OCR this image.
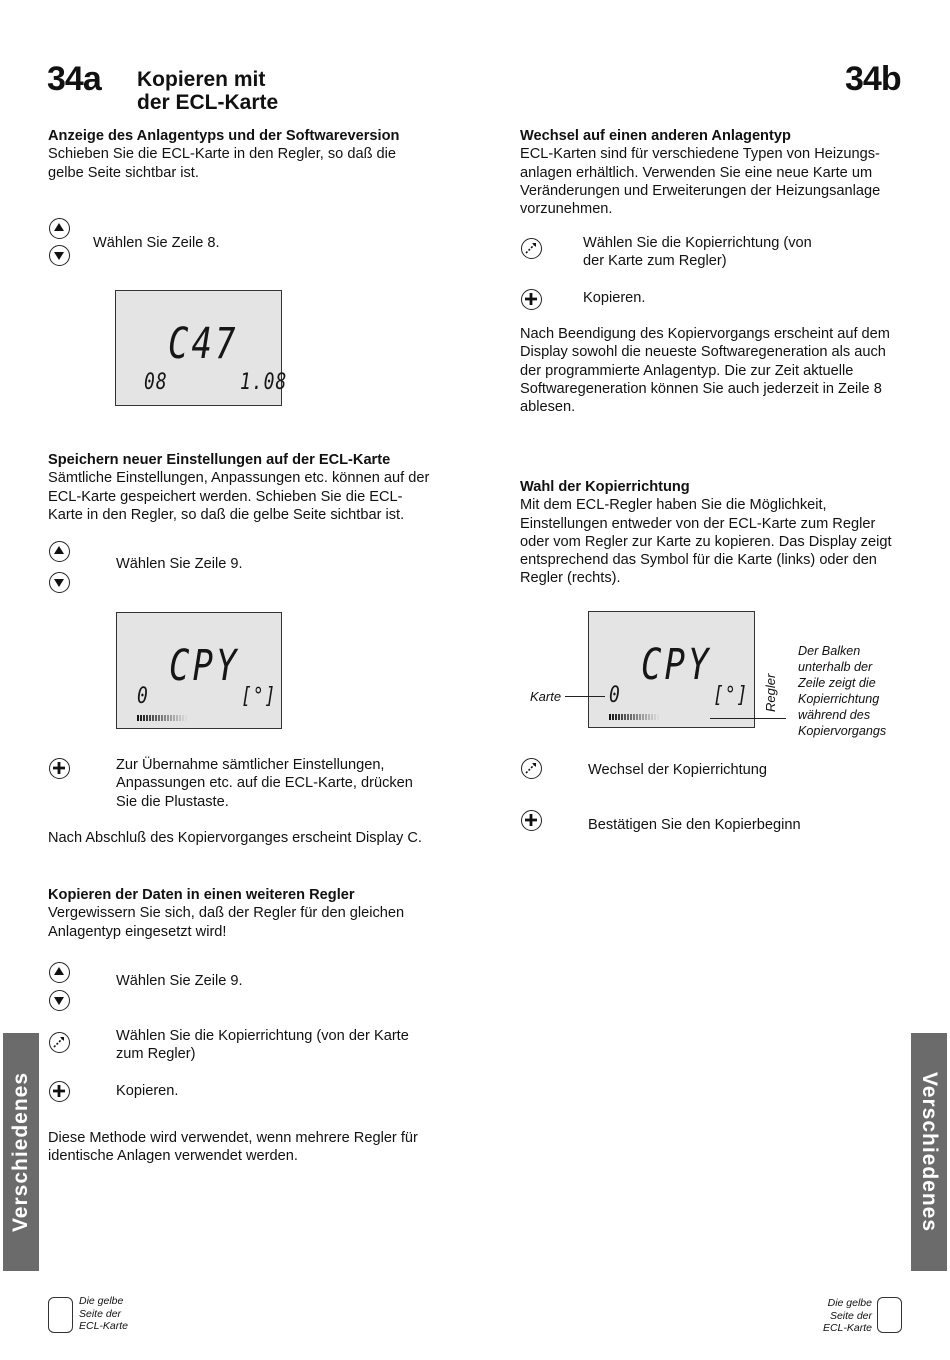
34a Kopieren mit
der ECL-Karte
34b
Anzeige des Anlagentyps und der Softwareversion
Schieben Sie die ECL-Karte in den Regler, so daß die
gelbe Seite sichtbar ist.
Wählen Sie Zeile 8.
C47
08	1.08
Speichern neuer Einstellungen auf der ECL-Karte
Sämtliche Einstellungen, Anpassungen etc. können auf der
ECL-Karte gespeichert werden. Schieben Sie die ECL-
Karte in den Regler, so daß die gelbe Seite sichtbar ist.
Wählen Sie Zeile 9.
CPY
0	[°]
Zur Übernahme sämtlicher Einstellungen,
Anpassungen etc. auf die ECL-Karte, drücken
Sie die Plustaste.
Nach Abschluß des Kopiervorganges erscheint Display C.
Kopieren der Daten in einen weiteren Regler
Vergewissern Sie sich, daß der Regler für den gleichen
Anlagentyp eingesetzt wird!
Wählen Sie Zeile 9.
Wählen Sie die Kopierrichtung (von der Karte
zum Regler)
Kopieren.
Diese Methode wird verwendet, wenn mehrere Regler für
identische Anlagen verwendet werden.
Wechsel auf einen anderen Anlagentyp
ECL-Karten sind für verschiedene Typen von Heizungs-
anlagen erhältlich. Verwenden Sie eine neue Karte um
Veränderungen und Erweiterungen der Heizungsanlage
vorzunehmen.
Wählen Sie die Kopierrichtung (von
der Karte zum Regler)
Kopieren.
Nach Beendigung des Kopiervorgangs erscheint auf dem
Display sowohl die neueste Softwaregeneration als auch
der programmierte Anlagentyp. Die zur Zeit aktuelle
Softwaregeneration können Sie auch jederzeit in Zeile 8
ablesen.
Wahl der Kopierrichtung
Mit dem ECL-Regler haben Sie die Möglichkeit,
Einstellungen entweder von der ECL-Karte zum Regler
oder vom Regler zur Karte zu kopieren. Das Display zeigt
entsprechend das Symbol für die Karte (links) oder den
Regler (rechts).
CPY
0	[°]
Karte	Regler
Der Balken
unterhalb der
Zeile zeigt die
Kopierrichtung
während des
Kopiervorgangs
Wechsel der Kopierrichtung
Bestätigen Sie den Kopierbeginn
Verschiedenes	Verschiedenes
Die gelbe
Seite der
ECL-Karte
Die gelbe
Seite der
ECL-Karte
